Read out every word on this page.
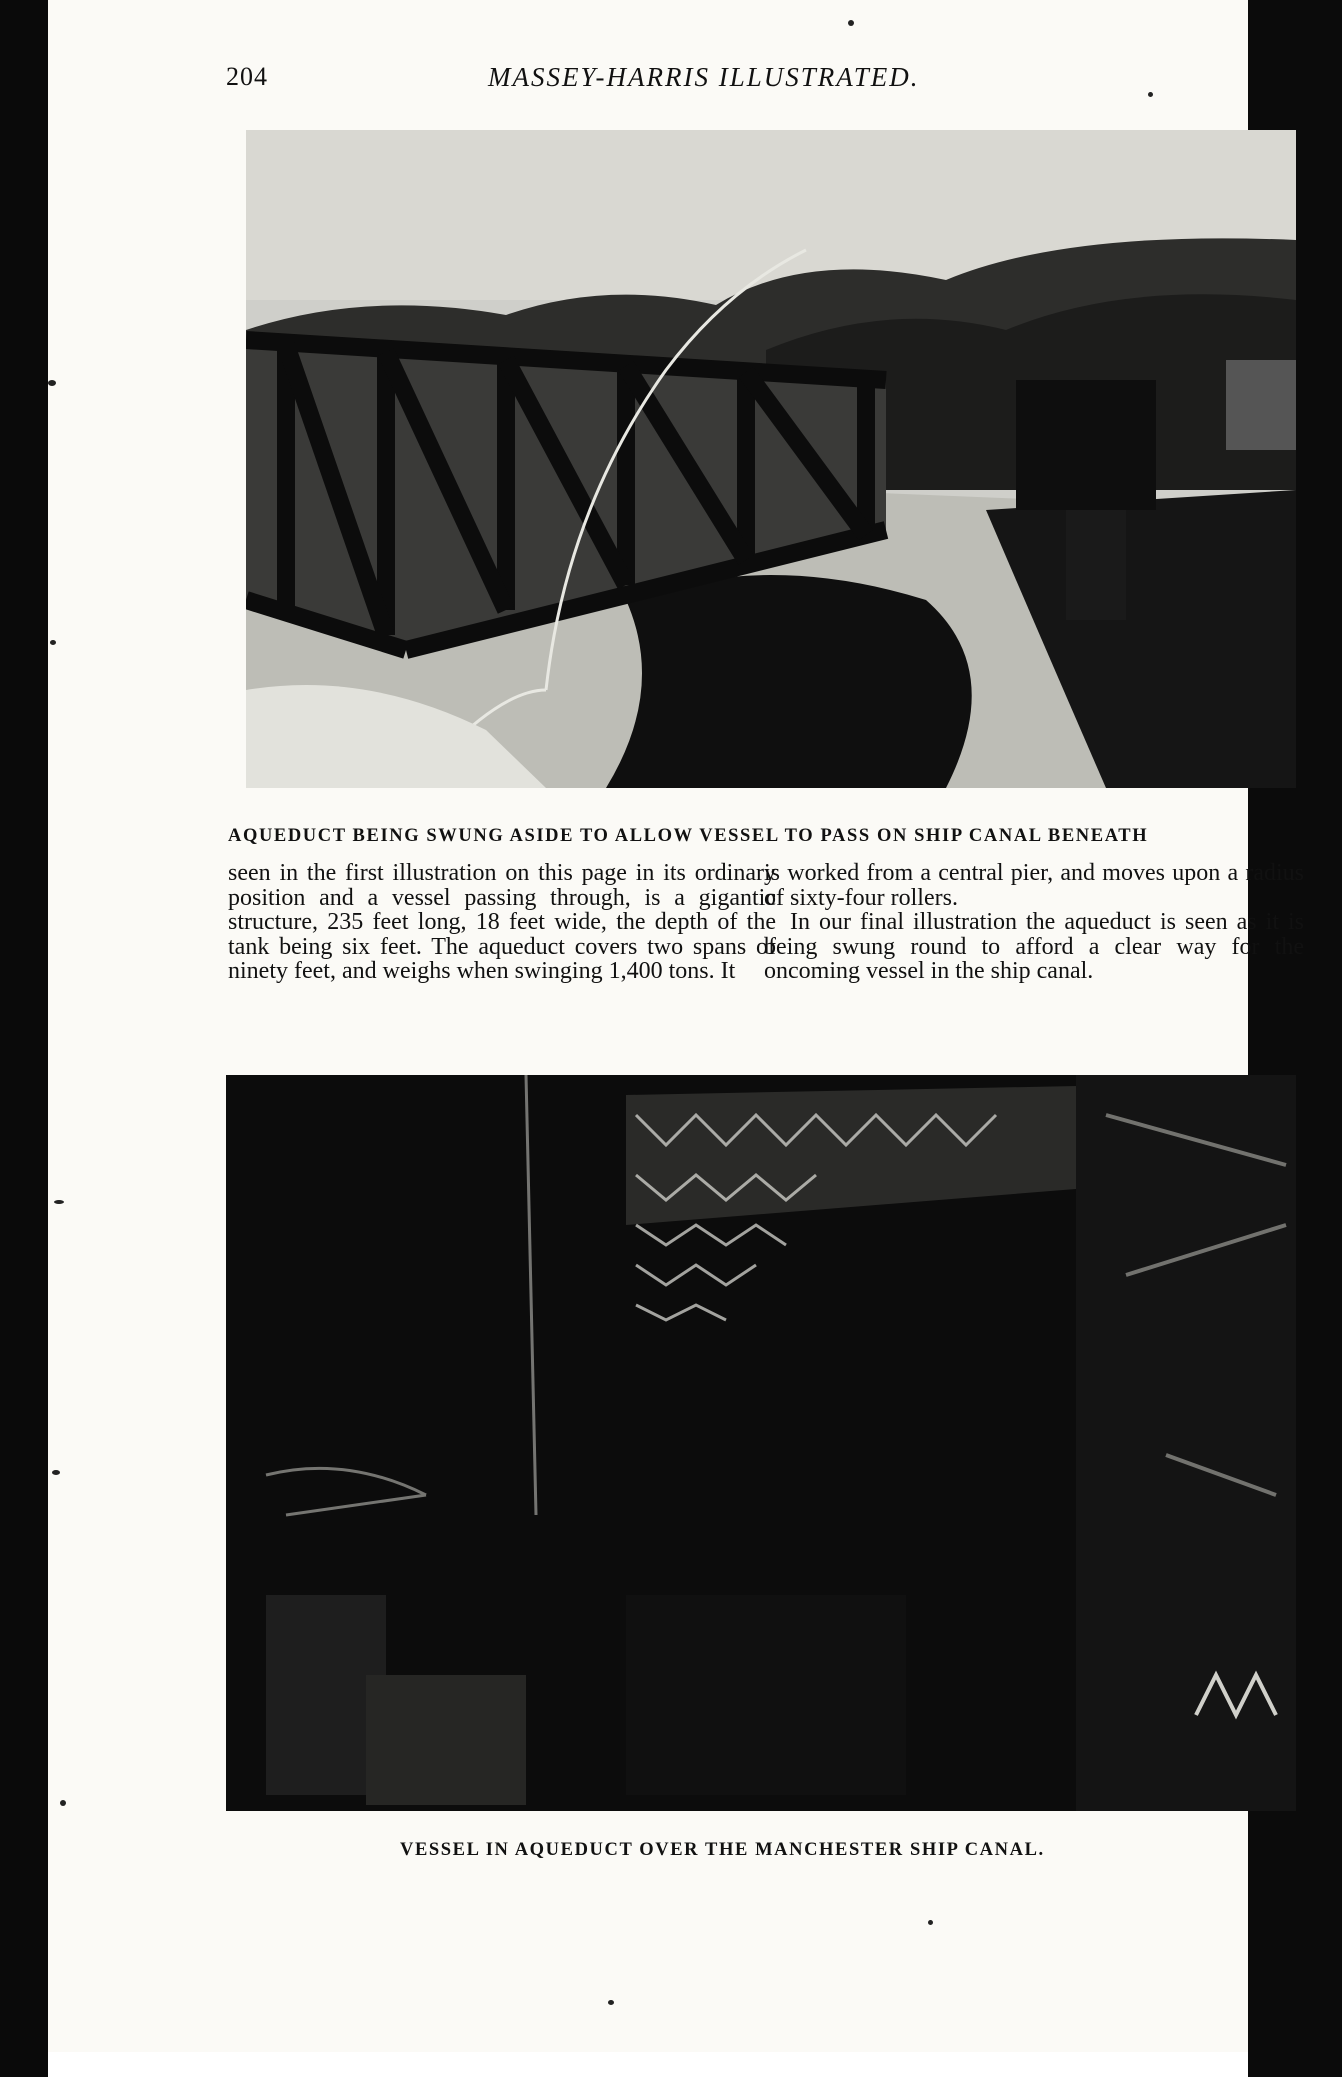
204	MASSEY-HARRIS ILLUSTRATED.
AQUEDUCT BEING SWUNG ASIDE TO ALLOW VESSEL TO PASS ON SHIP CANAL BENEATH

seen in the first illustration on this page in its ordinary position and a vessel passing through, is a gigantic structure, 235 feet long, 18 feet wide, the depth of the tank being six feet. The aqueduct covers two spans of ninety feet, and weighs when swinging 1,400 tons. It

is worked from a central pier, and moves upon a radius of sixty-four rollers.

In our final illustration the aqueduct is seen as it is being swung round to afford a clear way for the oncoming vessel in the ship canal.

VESSEL IN AQUEDUCT OVER THE MANCHESTER SHIP CANAL.
